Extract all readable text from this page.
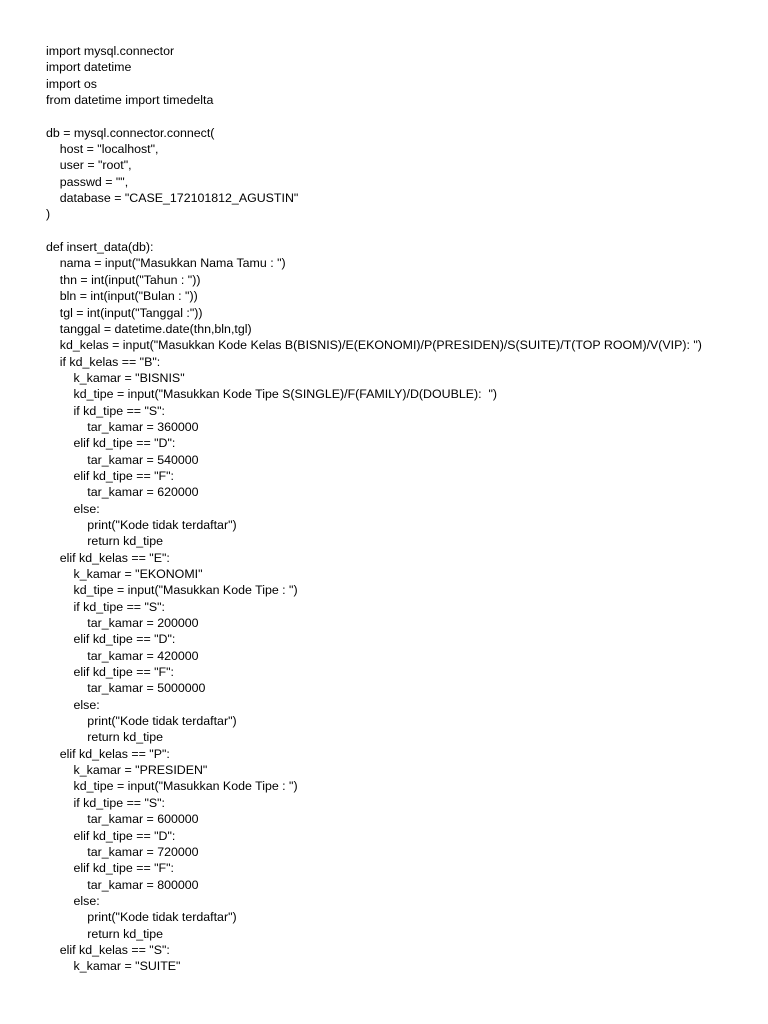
import mysql.connector
import datetime
import os
from datetime import timedelta

db = mysql.connector.connect(
host = "localhost",
user = "root",
passwd = "",
database = "CASE_172101812_AGUSTIN"
)

def insert_data(db):
nama = input("Masukkan Nama Tamu : ")
thn = int(input("Tahun : "))
bln = int(input("Bulan : "))
tgl = int(input("Tanggal :"))
tanggal = datetime.date(thn,bln,tgl)
kd_kelas = input("Masukkan Kode Kelas B(BISNIS)/E(EKONOMI)/P(PRESIDEN)/S(SUITE)/T(TOP ROOM)/V(VIP): ")
if kd_kelas == "B":
k_kamar = "BISNIS"
kd_tipe = input("Masukkan Kode Tipe S(SINGLE)/F(FAMILY)/D(DOUBLE):  ")
if kd_tipe == "S":
tar_kamar = 360000
elif kd_tipe == "D":
tar_kamar = 540000
elif kd_tipe == "F":
tar_kamar = 620000
else:
print("Kode tidak terdaftar")
return kd_tipe
elif kd_kelas == "E":
k_kamar = "EKONOMI"
kd_tipe = input("Masukkan Kode Tipe : ")
if kd_tipe == "S":
tar_kamar = 200000
elif kd_tipe == "D":
tar_kamar = 420000
elif kd_tipe == "F":
tar_kamar = 5000000
else:
print("Kode tidak terdaftar")
return kd_tipe
elif kd_kelas == "P":
k_kamar = "PRESIDEN"
kd_tipe = input("Masukkan Kode Tipe : ")
if kd_tipe == "S":
tar_kamar = 600000
elif kd_tipe == "D":
tar_kamar = 720000
elif kd_tipe == "F":
tar_kamar = 800000
else:
print("Kode tidak terdaftar")
return kd_tipe
elif kd_kelas == "S":
k_kamar = "SUITE"
